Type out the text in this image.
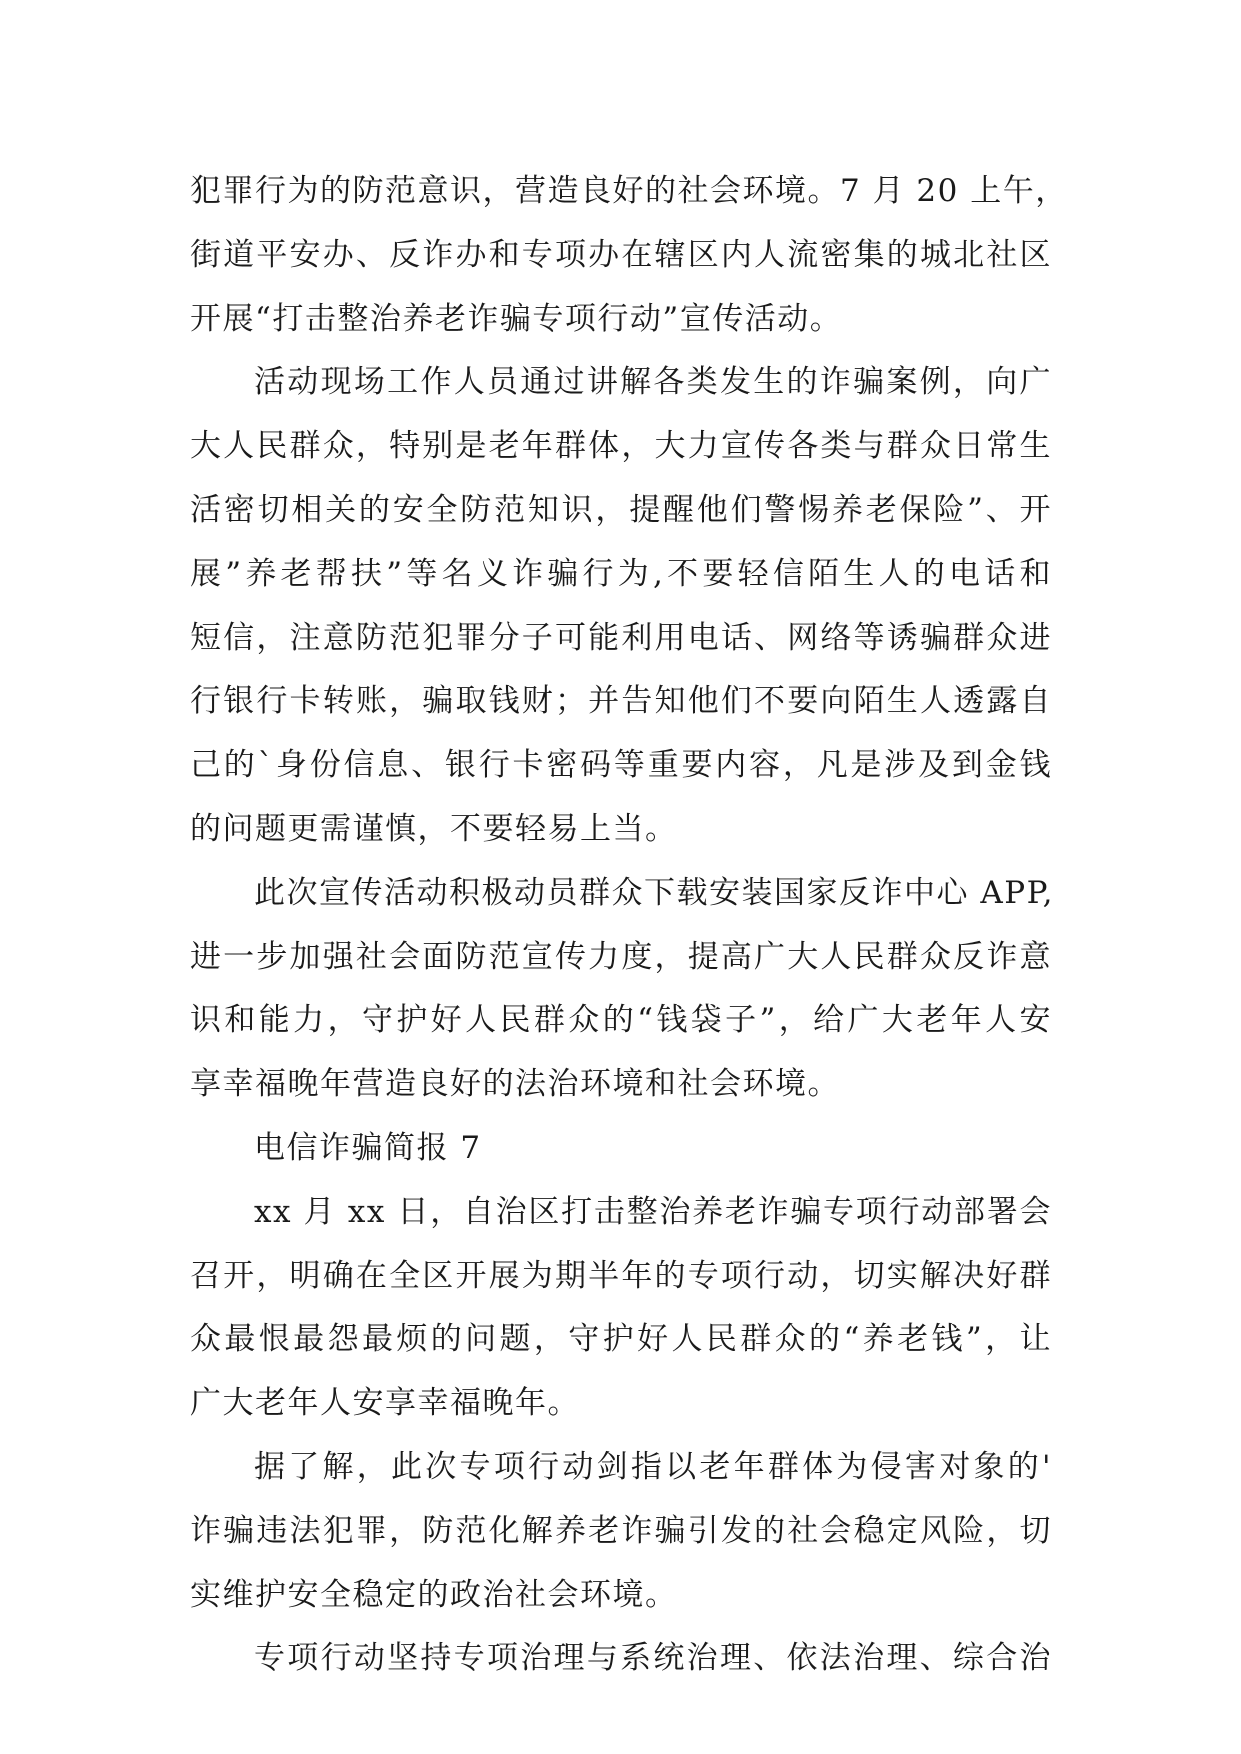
犯罪行为的防范意识，营造良好的社会环境。7 月 20 上午，
街道平安办、反诈办和专项办在辖区内人流密集的城北社区
开展“打击整治养老诈骗专项行动”宣传活动。

活动现场工作人员通过讲解各类发生的诈骗案例，向广
大人民群众，特别是老年群体，大力宣传各类与群众日常生
活密切相关的安全防范知识，提醒他们警惕养老保险”、开
展”养老帮扶”等名义诈骗行为,不要轻信陌生人的电话和
短信，注意防范犯罪分子可能利用电话、网络等诱骗群众进
行银行卡转账，骗取钱财；并告知他们不要向陌生人透露自
己的`身份信息、银行卡密码等重要内容，凡是涉及到金钱
的问题更需谨慎，不要轻易上当。

此次宣传活动积极动员群众下载安装国家反诈中心 APP,
进一步加强社会面防范宣传力度，提高广大人民群众反诈意
识和能力，守护好人民群众的“钱袋子”，给广大老年人安
享幸福晚年营造良好的法治环境和社会环境。

电信诈骗简报 7

xx 月 xx 日，自治区打击整治养老诈骗专项行动部署会
召开，明确在全区开展为期半年的专项行动，切实解决好群
众最恨最怨最烦的问题，守护好人民群众的“养老钱”，让
广大老年人安享幸福晚年。

据了解，此次专项行动剑指以老年群体为侵害对象的'
诈骗违法犯罪，防范化解养老诈骗引发的社会稳定风险，切
实维护安全稳定的政治社会环境。

专项行动坚持专项治理与系统治理、依法治理、综合治
